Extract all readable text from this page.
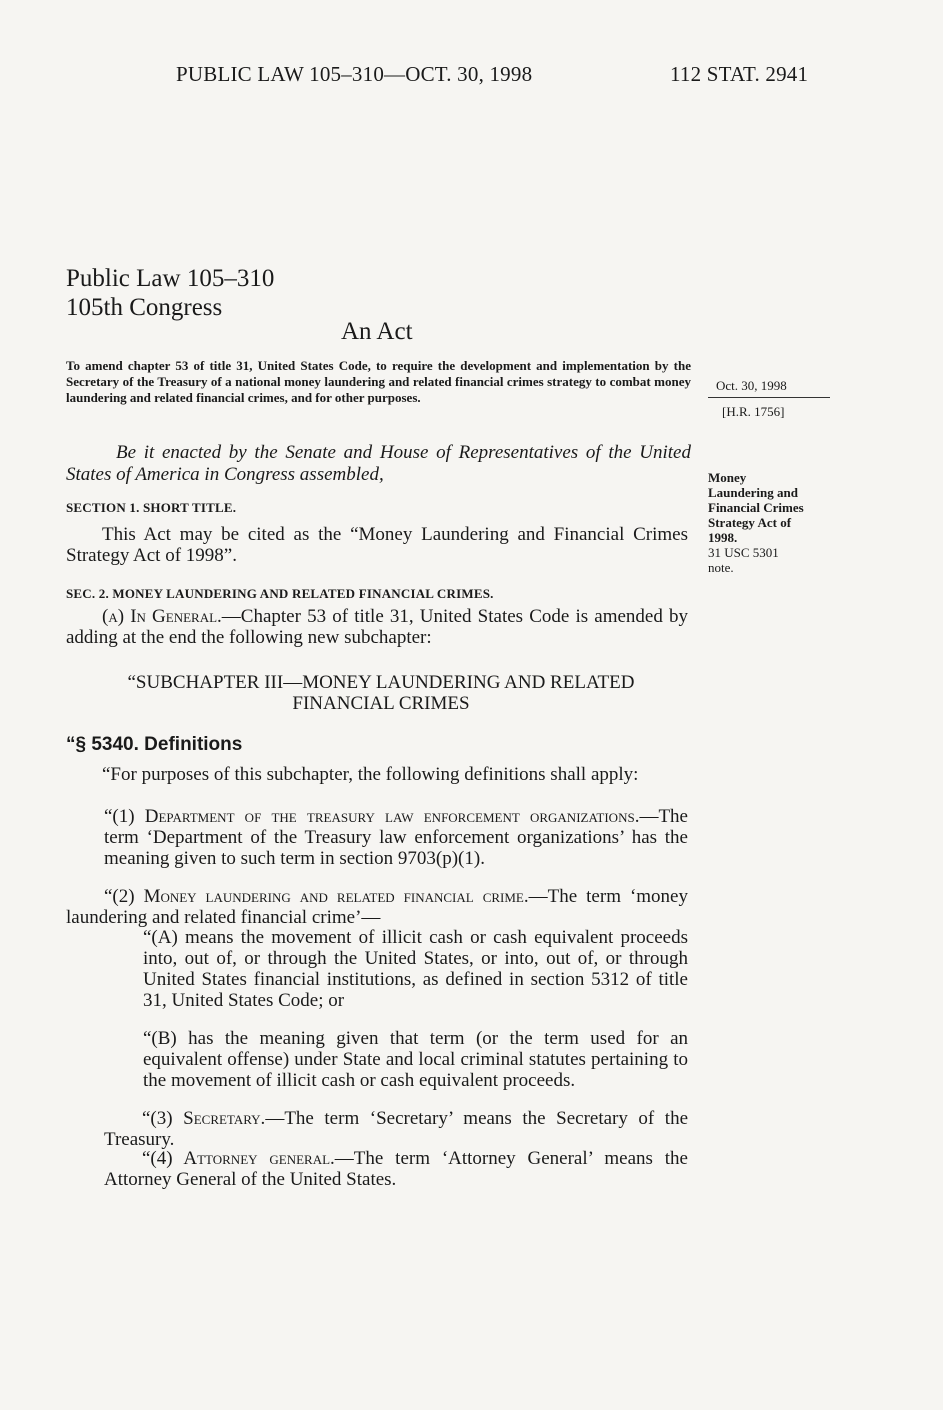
PUBLIC LAW 105–310—OCT. 30, 1998	112 STAT. 2941
Public Law 105–310
105th Congress
An Act

To amend chapter 53 of title 31, United States Code, to require the development and implementation by the Secretary of the Treasury of a national money laundering and related financial crimes strategy to combat money laundering and related financial crimes, and for other purposes.

Oct. 30, 1998
[H.R. 1756]
Money
Laundering and
Financial Crimes
Strategy Act of
1998.
31 USC 5301
note.

Be it enacted by the Senate and House of Representatives of the United States of America in Congress assembled,

SECTION 1. SHORT TITLE.

This Act may be cited as the “Money Laundering and Financial Crimes Strategy Act of 1998”.

SEC. 2. MONEY LAUNDERING AND RELATED FINANCIAL CRIMES.

(a) In General.—Chapter 53 of title 31, United States Code is amended by adding at the end the following new subchapter:

“SUBCHAPTER III—MONEY LAUNDERING AND RELATED
FINANCIAL CRIMES
“§ 5340. Definitions

“For purposes of this subchapter, the following definitions shall apply:

“(1) Department of the treasury law enforcement organizations.—The term ‘Department of the Treasury law enforcement organizations’ has the meaning given to such term in section 9703(p)(1).

“(2) Money laundering and related financial crime.—The term ‘money laundering and related financial crime’—

“(A) means the movement of illicit cash or cash equivalent proceeds into, out of, or through the United States, or into, out of, or through United States financial institutions, as defined in section 5312 of title 31, United States Code; or

“(B) has the meaning given that term (or the term used for an equivalent offense) under State and local criminal statutes pertaining to the movement of illicit cash or cash equivalent proceeds.

“(3) Secretary.—The term ‘Secretary’ means the Secretary of the Treasury.

“(4) Attorney general.—The term ‘Attorney General’ means the Attorney General of the United States.
